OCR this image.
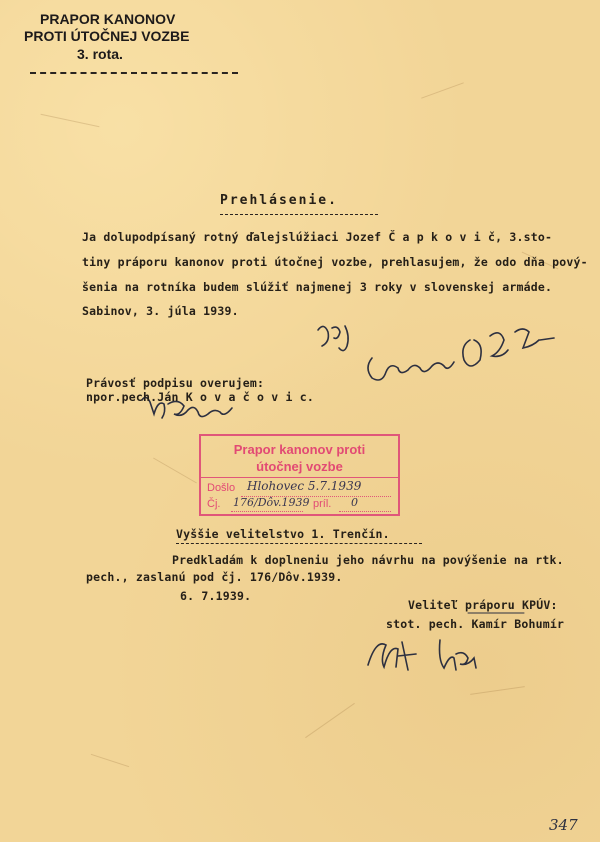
PRAPOR KANONOV
PROTI ÚTOČNEJ VOZBE
3. rota.
Prehlásenie.
Ja dolupodpísaný rotný ďalejslúžiaci Jozef Č a p k o v i č, 3.sto-
tiny práporu kanonov proti útočnej vozbe, prehlasujem, že odo dňa pový-
šenia na rotníka budem slúžiť najmenej 3 roky v slovenskej armáde.
Sabinov, 3. júla 1939.
Právosť podpisu overujem:
npor.pech.Ján K o v a č o v i c.
Prapor kanonov proti
útočnej vozbe
Došlo Hlohovec 5.7.1939
Čj. 176/Dôv.1939 príl. 0
Vyššie velitelstvo 1. Trenčín.
Predkladám k doplneniu jeho návrhu na povýšenie na rtk.
pech., zaslanú pod čj. 176/Dôv.1939.
6. 7.1939.
Veliteľ práporu KPÚV:
stot. pech. Kamír Bohumír
347
